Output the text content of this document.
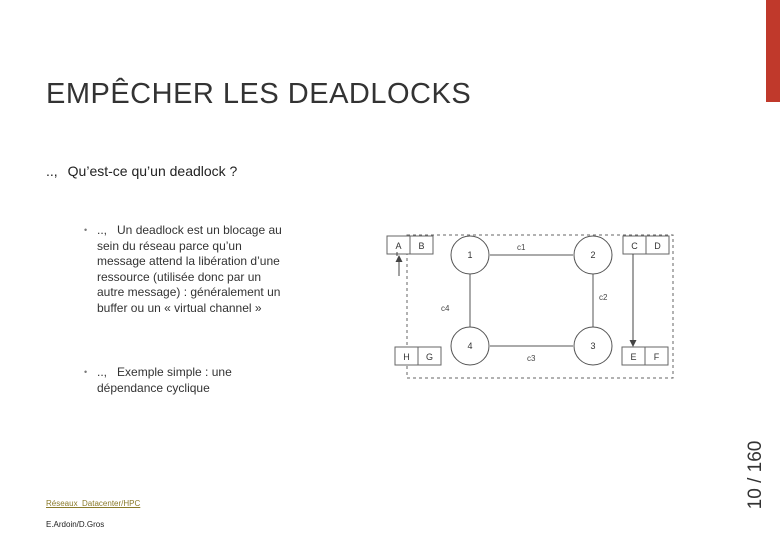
EMPÊCHER LES DEADLOCKS
.., Qu’est-ce qu’un deadlock ?
• .., Un deadlock est un blocage au sein du réseau parce qu’un message attend la libération d’une ressource (utilisée donc par un autre message) : généralement un buffer ou un « virtual channel »
• .., Exemple simple : une dépendance cyclique
A B	C D
H G	E F
1	2
3
4
c1
c2
c3
c4
Réseaux_Datacenter/HPC
E.Ardoin/D.Gros
10 / 160
